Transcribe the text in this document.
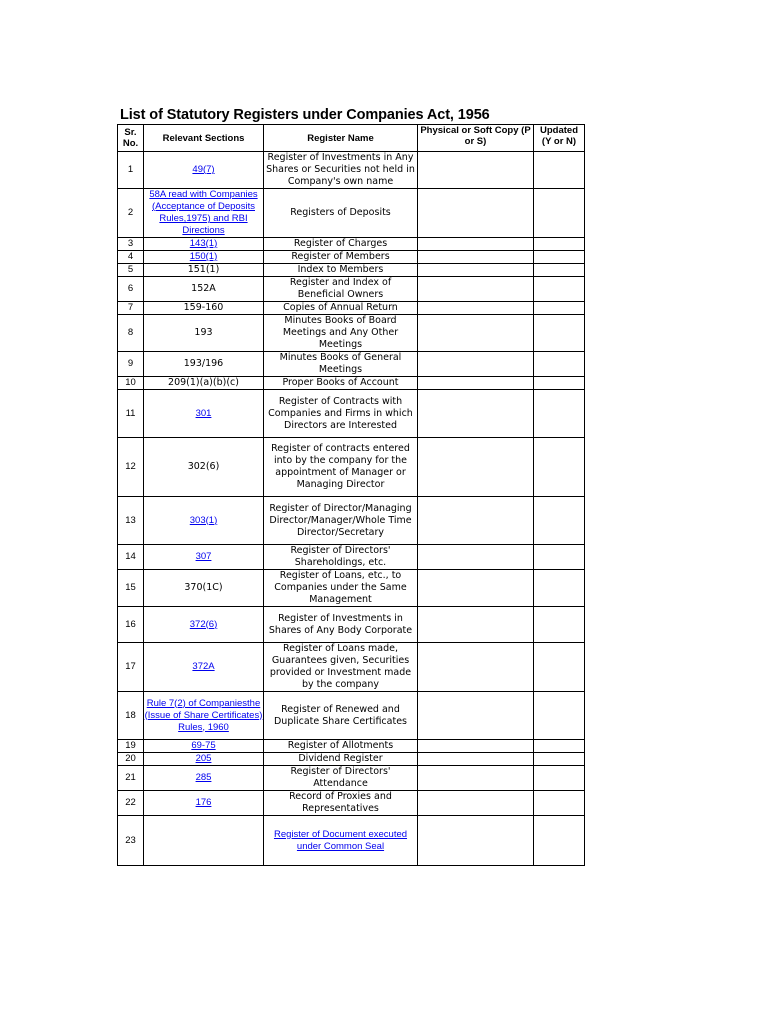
List of Statutory Registers under Companies Act, 1956
Sr. No.	Relevant Sections	Register Name	Physical or Soft Copy (P or S)	Updated (Y or N)
1	49(7)	Register of Investments in Any Shares or Securities not held in Company's own name		

2	58A read with Companies (Acceptance of Deposits Rules,1975) and RBI Directions	Registers of Deposits		

3	143(1)	Register of Charges		

4	150(1)	Register of Members		

5	151(1)	Index to Members		

6	152A	Register and Index of Beneficial Owners		

7	159-160	Copies of Annual Return		

8	193	Minutes Books of Board Meetings and Any Other Meetings		

9	193/196	Minutes Books of General Meetings		

10	209(1)(a)(b)(c)	Proper Books of Account		

11	301	Register of Contracts with Companies and Firms in which Directors are Interested		

12	302(6)	Register of contracts entered into by the company for the appointment of Manager or Managing Director		

13	303(1)	Register of Director/Managing Director/Manager/Whole Time Director/Secretary		

14	307	Register of Directors' Shareholdings, etc.		

15	370(1C)	Register of Loans, etc., to Companies under the Same Management		

16	372(6)	Register of Investments in Shares of Any Body Corporate		

17	372A	Register of Loans made, Guarantees given, Securities provided or Investment made by the company		

18	Rule 7(2) of Companiesthe (Issue of Share Certificates) Rules, 1960	Register of Renewed and Duplicate Share Certificates		

19	69-75	Register of Allotments		

20	205	Dividend Register		

21	285	Register of Directors' Attendance		

22	176	Record of Proxies and Representatives		

23		Register of Document executed under Common Seal		
